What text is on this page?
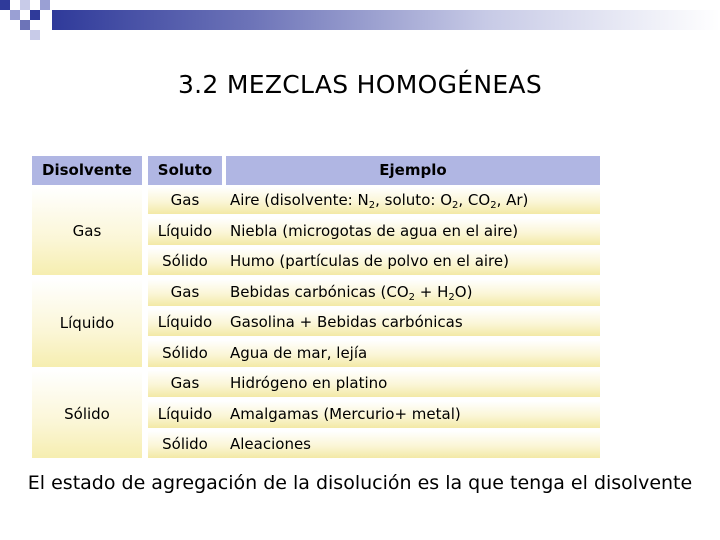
3.2 MEZCLAS HOMOGÉNEAS
Disolvente	Soluto	Ejemplo
Gas
Gas	Aire (disolvente: $N_2$, soluto: $O_2$, $CO_2$, Ar)
Líquido	Niebla (microgotas de agua en el aire)
Sólido	Humo (partículas de polvo en el aire)
Líquido
Gas	Bebidas carbónicas $(CO_2 + H_2O)$
Líquido	Gasolina + Bebidas carbónicas
Sólido	Agua de mar, lejía
Sólido
Gas	Hidrógeno en platino
Líquido	Amalgamas (Mercurio+ metal)
Sólido	Aleaciones
El estado de agregación de la disolución es la que tenga el disolvente
